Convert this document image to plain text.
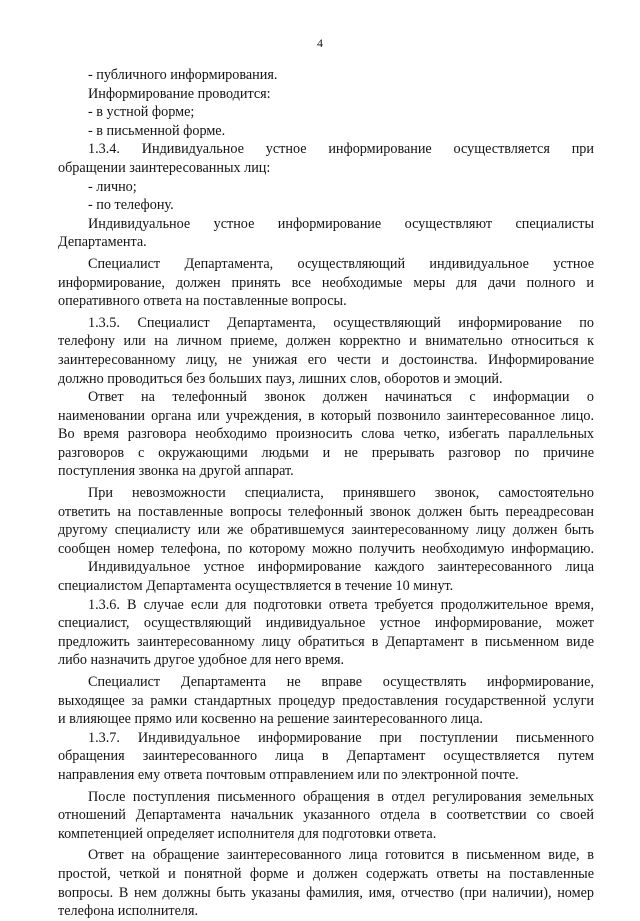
4
- публичного информирования.
Информирование проводится:
- в устной форме;
- в письменной форме.
1.3.4. Индивидуальное устное информирование осуществляется при
обращении заинтересованных лиц:
- лично;
- по телефону.
Индивидуальное устное информирование осуществляют специалисты
Департамента.
Специалист Департамента, осуществляющий индивидуальное устное
информирование, должен принять все необходимые меры для дачи полного и
оперативного ответа на поставленные вопросы.
1.3.5. Специалист Департамента, осуществляющий информирование по
телефону или на личном приеме, должен корректно и внимательно относиться к
заинтересованному лицу, не унижая его чести и достоинства. Информирование
должно проводиться без больших пауз, лишних слов, оборотов и эмоций.
Ответ на телефонный звонок должен начинаться с информации о
наименовании органа или учреждения, в который позвонило заинтересованное лицо.
Во время разговора необходимо произносить слова четко, избегать параллельных
разговоров с окружающими людьми и не прерывать разговор по причине
поступления звонка на другой аппарат.
При невозможности специалиста, принявшего звонок, самостоятельно
ответить на поставленные вопросы телефонный звонок должен быть переадресован
другому специалисту или же обратившемуся заинтересованному лицу должен быть
сообщен номер телефона, по которому можно получить необходимую информацию.
Индивидуальное устное информирование каждого заинтересованного лица
специалистом Департамента осуществляется в течение 10 минут.
1.3.6. В случае если для подготовки ответа требуется продолжительное время,
специалист, осуществляющий индивидуальное устное информирование, может
предложить заинтересованному лицу обратиться в Департамент в письменном виде
либо назначить другое удобное для него время.
Специалист Департамента не вправе осуществлять информирование,
выходящее за рамки стандартных процедур предоставления государственной услуги
и влияющее прямо или косвенно на решение заинтересованного лица.
1.3.7. Индивидуальное информирование при поступлении письменного
обращения заинтересованного лица в Департамент осуществляется путем
направления ему ответа почтовым отправлением или по электронной почте.
После поступления письменного обращения в отдел регулирования земельных
отношений Департамента начальник указанного отдела в соответствии со своей
компетенцией определяет исполнителя для подготовки ответа.
Ответ на обращение заинтересованного лица готовится в письменном виде, в
простой, четкой и понятной форме и должен содержать ответы на поставленные
вопросы. В нем должны быть указаны фамилия, имя, отчество (при наличии), номер
телефона исполнителя.
